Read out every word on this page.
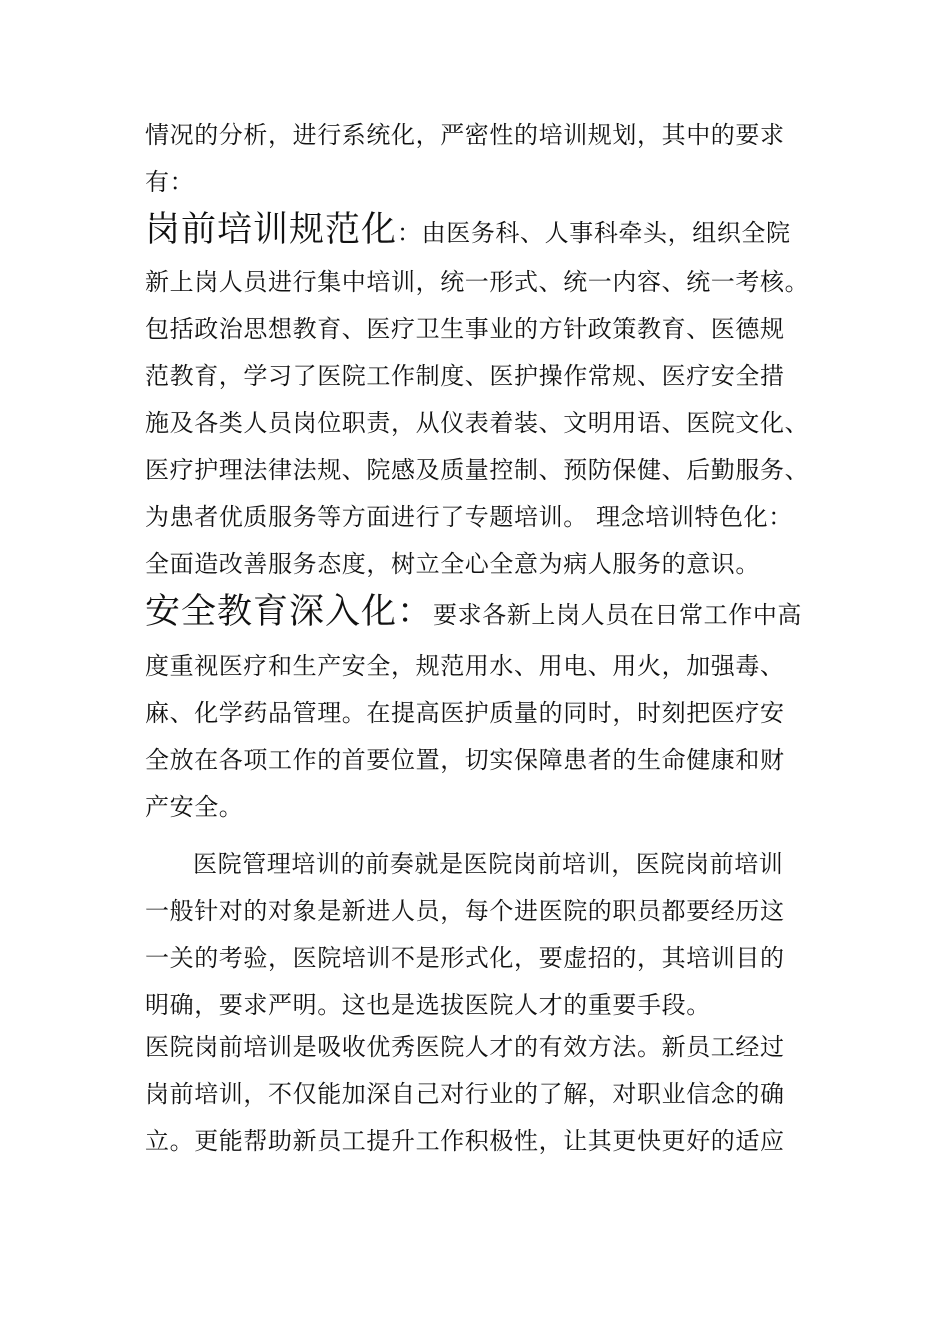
情况的分析，进行系统化，严密性的培训规划，其中的要求
有：
岗前培训规范化：由医务科、人事科牵头，组织全院
新上岗人员进行集中培训，统一形式、统一内容、统一考核。
包括政治思想教育、医疗卫生事业的方针政策教育、医德规
范教育，学习了医院工作制度、医护操作常规、医疗安全措
施及各类人员岗位职责，从仪表着装、文明用语、医院文化、
医疗护理法律法规、院感及质量控制、预防保健、后勤服务、
为患者优质服务等方面进行了专题培训。 理念培训特色化：
全面造改善服务态度，树立全心全意为病人服务的意识。
安全教育深入化：要求各新上岗人员在日常工作中高
度重视医疗和生产安全，规范用水、用电、用火，加强毒、
麻、化学药品管理。在提高医护质量的同时，时刻把医疗安
全放在各项工作的首要位置，切实保障患者的生命健康和财
产安全。
医院管理培训的前奏就是医院岗前培训，医院岗前培训
一般针对的对象是新进人员，每个进医院的职员都要经历这
一关的考验，医院培训不是形式化，要虚招的，其培训目的
明确，要求严明。这也是选拔医院人才的重要手段。
医院岗前培训是吸收优秀医院人才的有效方法。新员工经过
岗前培训，不仅能加深自己对行业的了解，对职业信念的确
立。更能帮助新员工提升工作积极性，让其更快更好的适应
